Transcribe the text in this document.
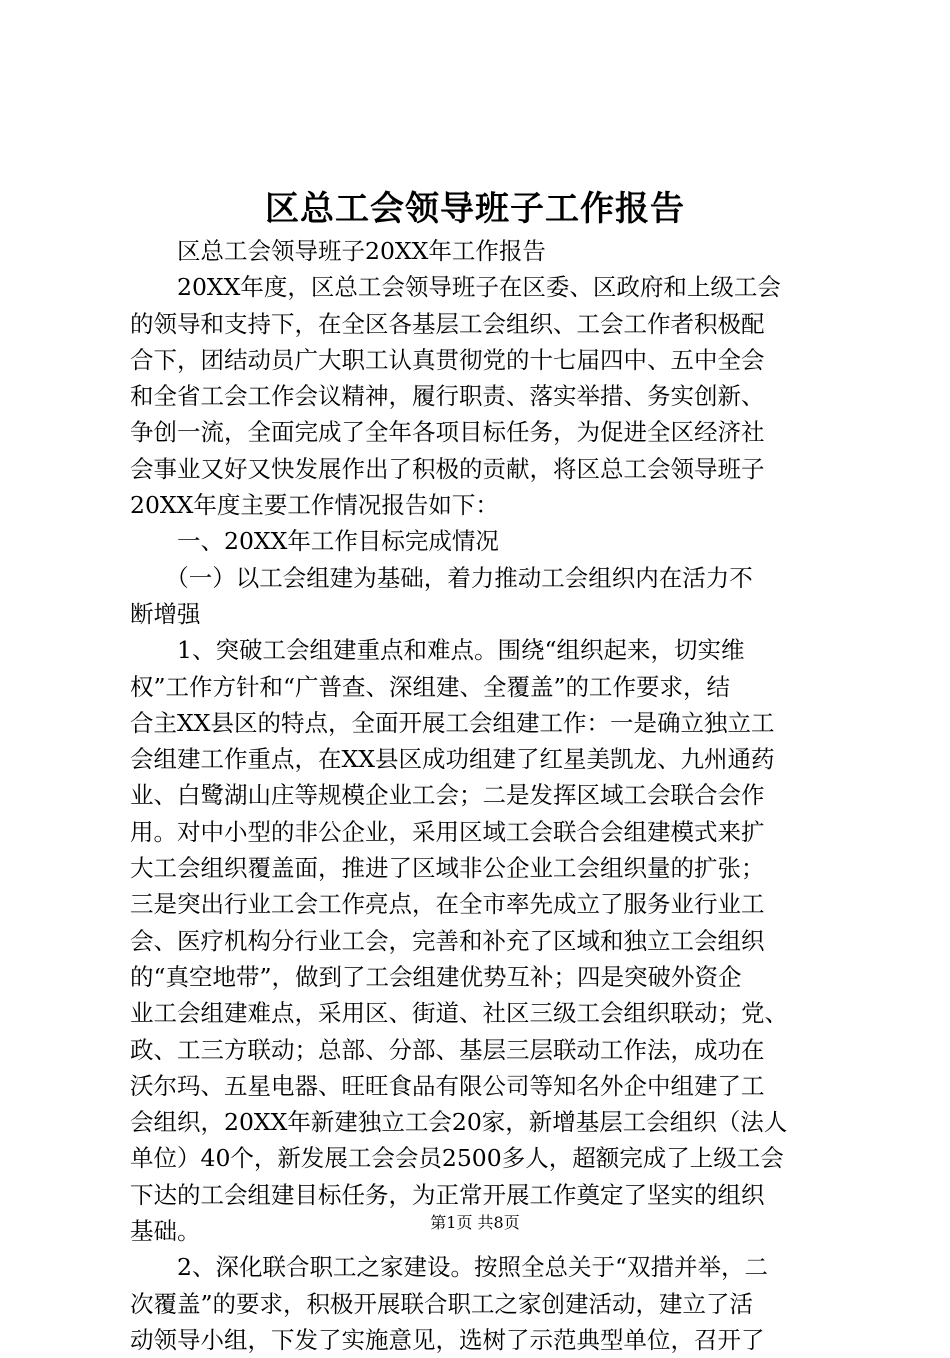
区总工会领导班子工作报告
　　区总工会领导班子20XX年工作报告
　　20XX年度，区总工会领导班子在区委、区政府和上级工会
的领导和支持下，在全区各基层工会组织、工会工作者积极配
合下，团结动员广大职工认真贯彻党的十七届四中、五中全会
和全省工会工作会议精神，履行职责、落实举措、务实创新、
争创一流，全面完成了全年各项目标任务，为促进全区经济社
会事业又好又快发展作出了积极的贡献，将区总工会领导班子
20XX年度主要工作情况报告如下：
　　一、20XX年工作目标完成情况
　　（一）以工会组建为基础，着力推动工会组织内在活力不
断增强
　　1、突破工会组建重点和难点。围绕“组织起来，切实维
权”工作方针和“广普查、深组建、全覆盖”的工作要求，结
合主XX县区的特点，全面开展工会组建工作：一是确立独立工
会组建工作重点，在XX县区成功组建了红星美凯龙、九州通药
业、白鹭湖山庄等规模企业工会；二是发挥区域工会联合会作
用。对中小型的非公企业，采用区域工会联合会组建模式来扩
大工会组织覆盖面，推进了区域非公企业工会组织量的扩张；
三是突出行业工会工作亮点，在全市率先成立了服务业行业工
会、医疗机构分行业工会，完善和补充了区域和独立工会组织
的“真空地带”，做到了工会组建优势互补；四是突破外资企
业工会组建难点，采用区、街道、社区三级工会组织联动；党、
政、工三方联动；总部、分部、基层三层联动工作法，成功在
沃尔玛、五星电器、旺旺食品有限公司等知名外企中组建了工
会组织，20XX年新建独立工会20家，新增基层工会组织（法人
单位）40个，新发展工会会员2500多人，超额完成了上级工会
下达的工会组建目标任务，为正常开展工作奠定了坚实的组织
基础。
　　2、深化联合职工之家建设。按照全总关于“双措并举，二
次覆盖”的要求，积极开展联合职工之家创建活动，建立了活
动领导小组，下发了实施意见，选树了示范典型单位，召开了
第1页 共8页
